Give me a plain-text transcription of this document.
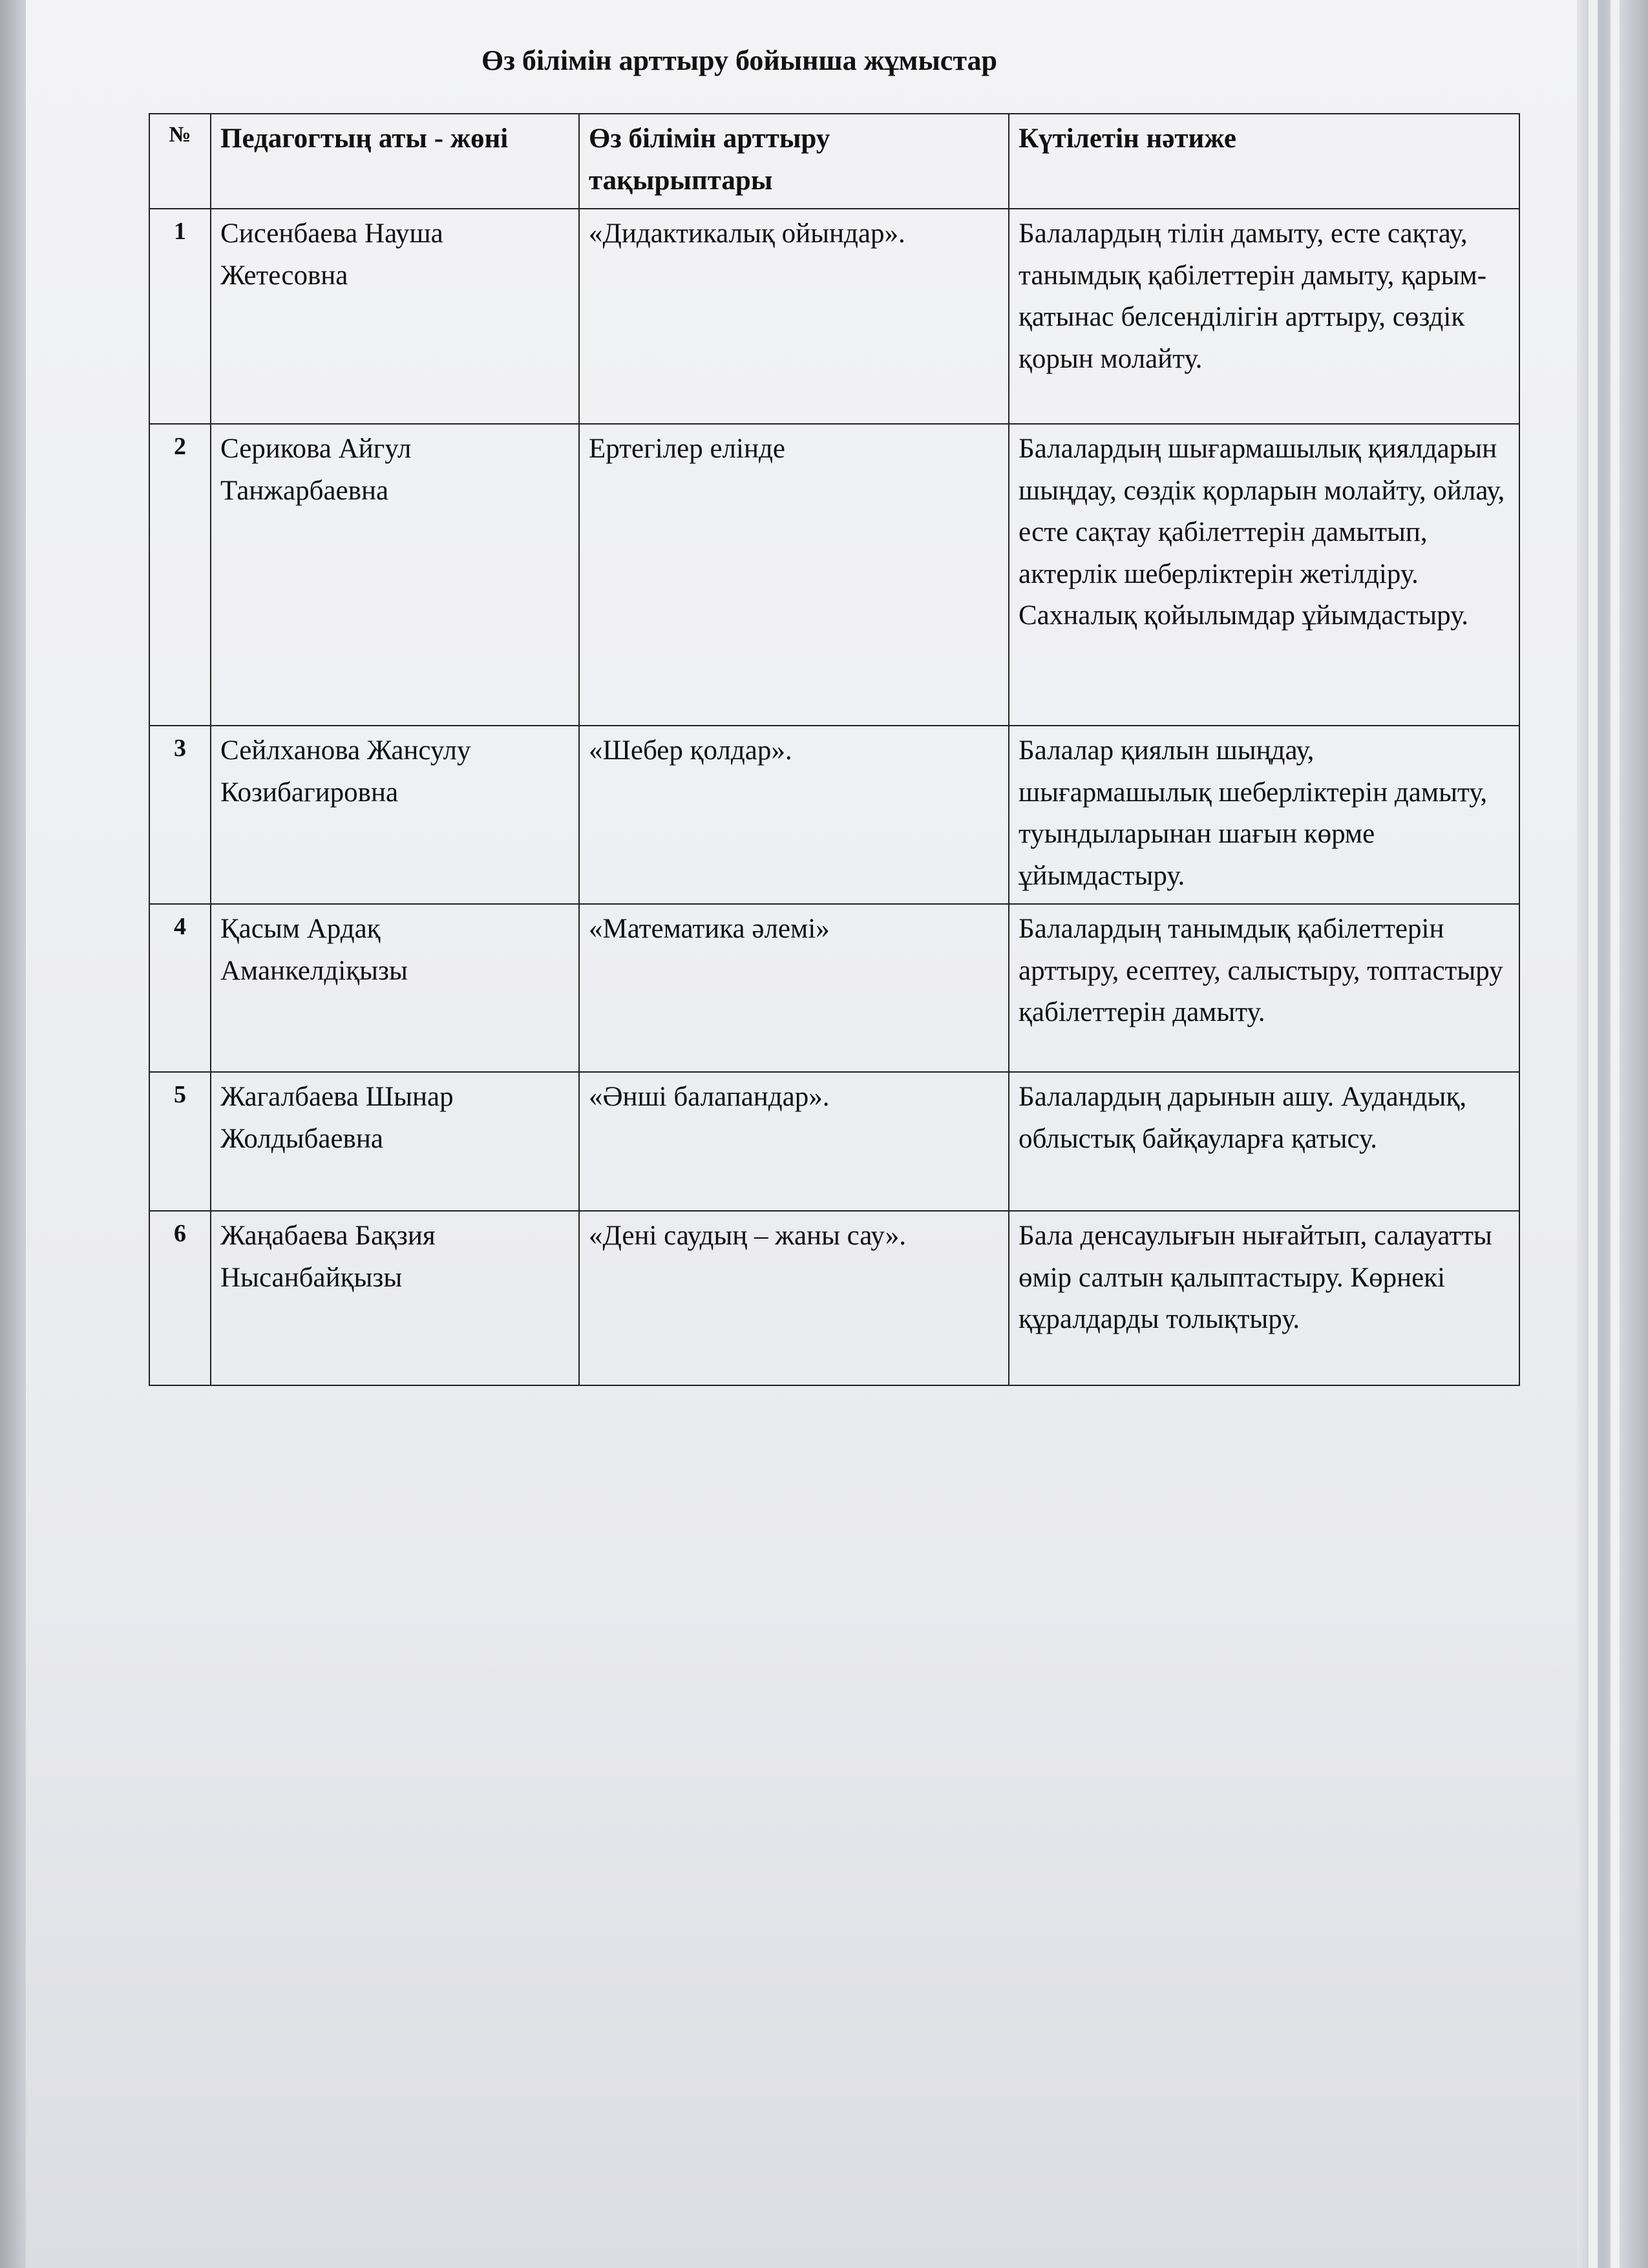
Өз білімін арттыру бойынша жұмыстар
№	Педагогтың аты - жөні	Өз білімін арттыру тақырыптары	Күтілетін нәтиже
1	Сисенбаева Науша Жетесовна	«Дидактикалық ойындар».	Балалардың тілін дамыту, есте сақтау, танымдық қабілеттерін дамыту, қарым-қатынас белсенділігін арттыру, сөздік қорын молайту.
2	Серикова Айгул Танжарбаевна	Ертегілер елінде	Балалардың шығармашылық қиялдарын шыңдау, сөздік қорларын молайту, ойлау, есте сақтау қабілеттерін дамытып, актерлік шеберліктерін жетілдіру. Сахналық қойылымдар ұйымдастыру.
3	Сейлханова Жансулу Козибагировна	«Шебер қолдар».	Балалар қиялын шыңдау, шығармашылық шеберліктерін дамыту, туындыларынан шағын көрме ұйымдастыру.
4	Қасым Ардақ Аманкелдіқызы	«Математика әлемі»	Балалардың танымдық қабілеттерін арттыру, есептеу, салыстыру, топтастыру қабілеттерін дамыту.
5	Жагалбаева Шынар Жолдыбаевна	«Әнші балапандар».	Балалардың дарынын ашу. Аудандық, облыстық байқауларға қатысу.
6	Жаңабаева Бақзия Нысанбайқызы	«Дені саудың – жаны сау».	Бала денсаулығын нығайтып, салауатты өмір салтын қалыптастыру. Көрнекі құралдарды толықтыру.
